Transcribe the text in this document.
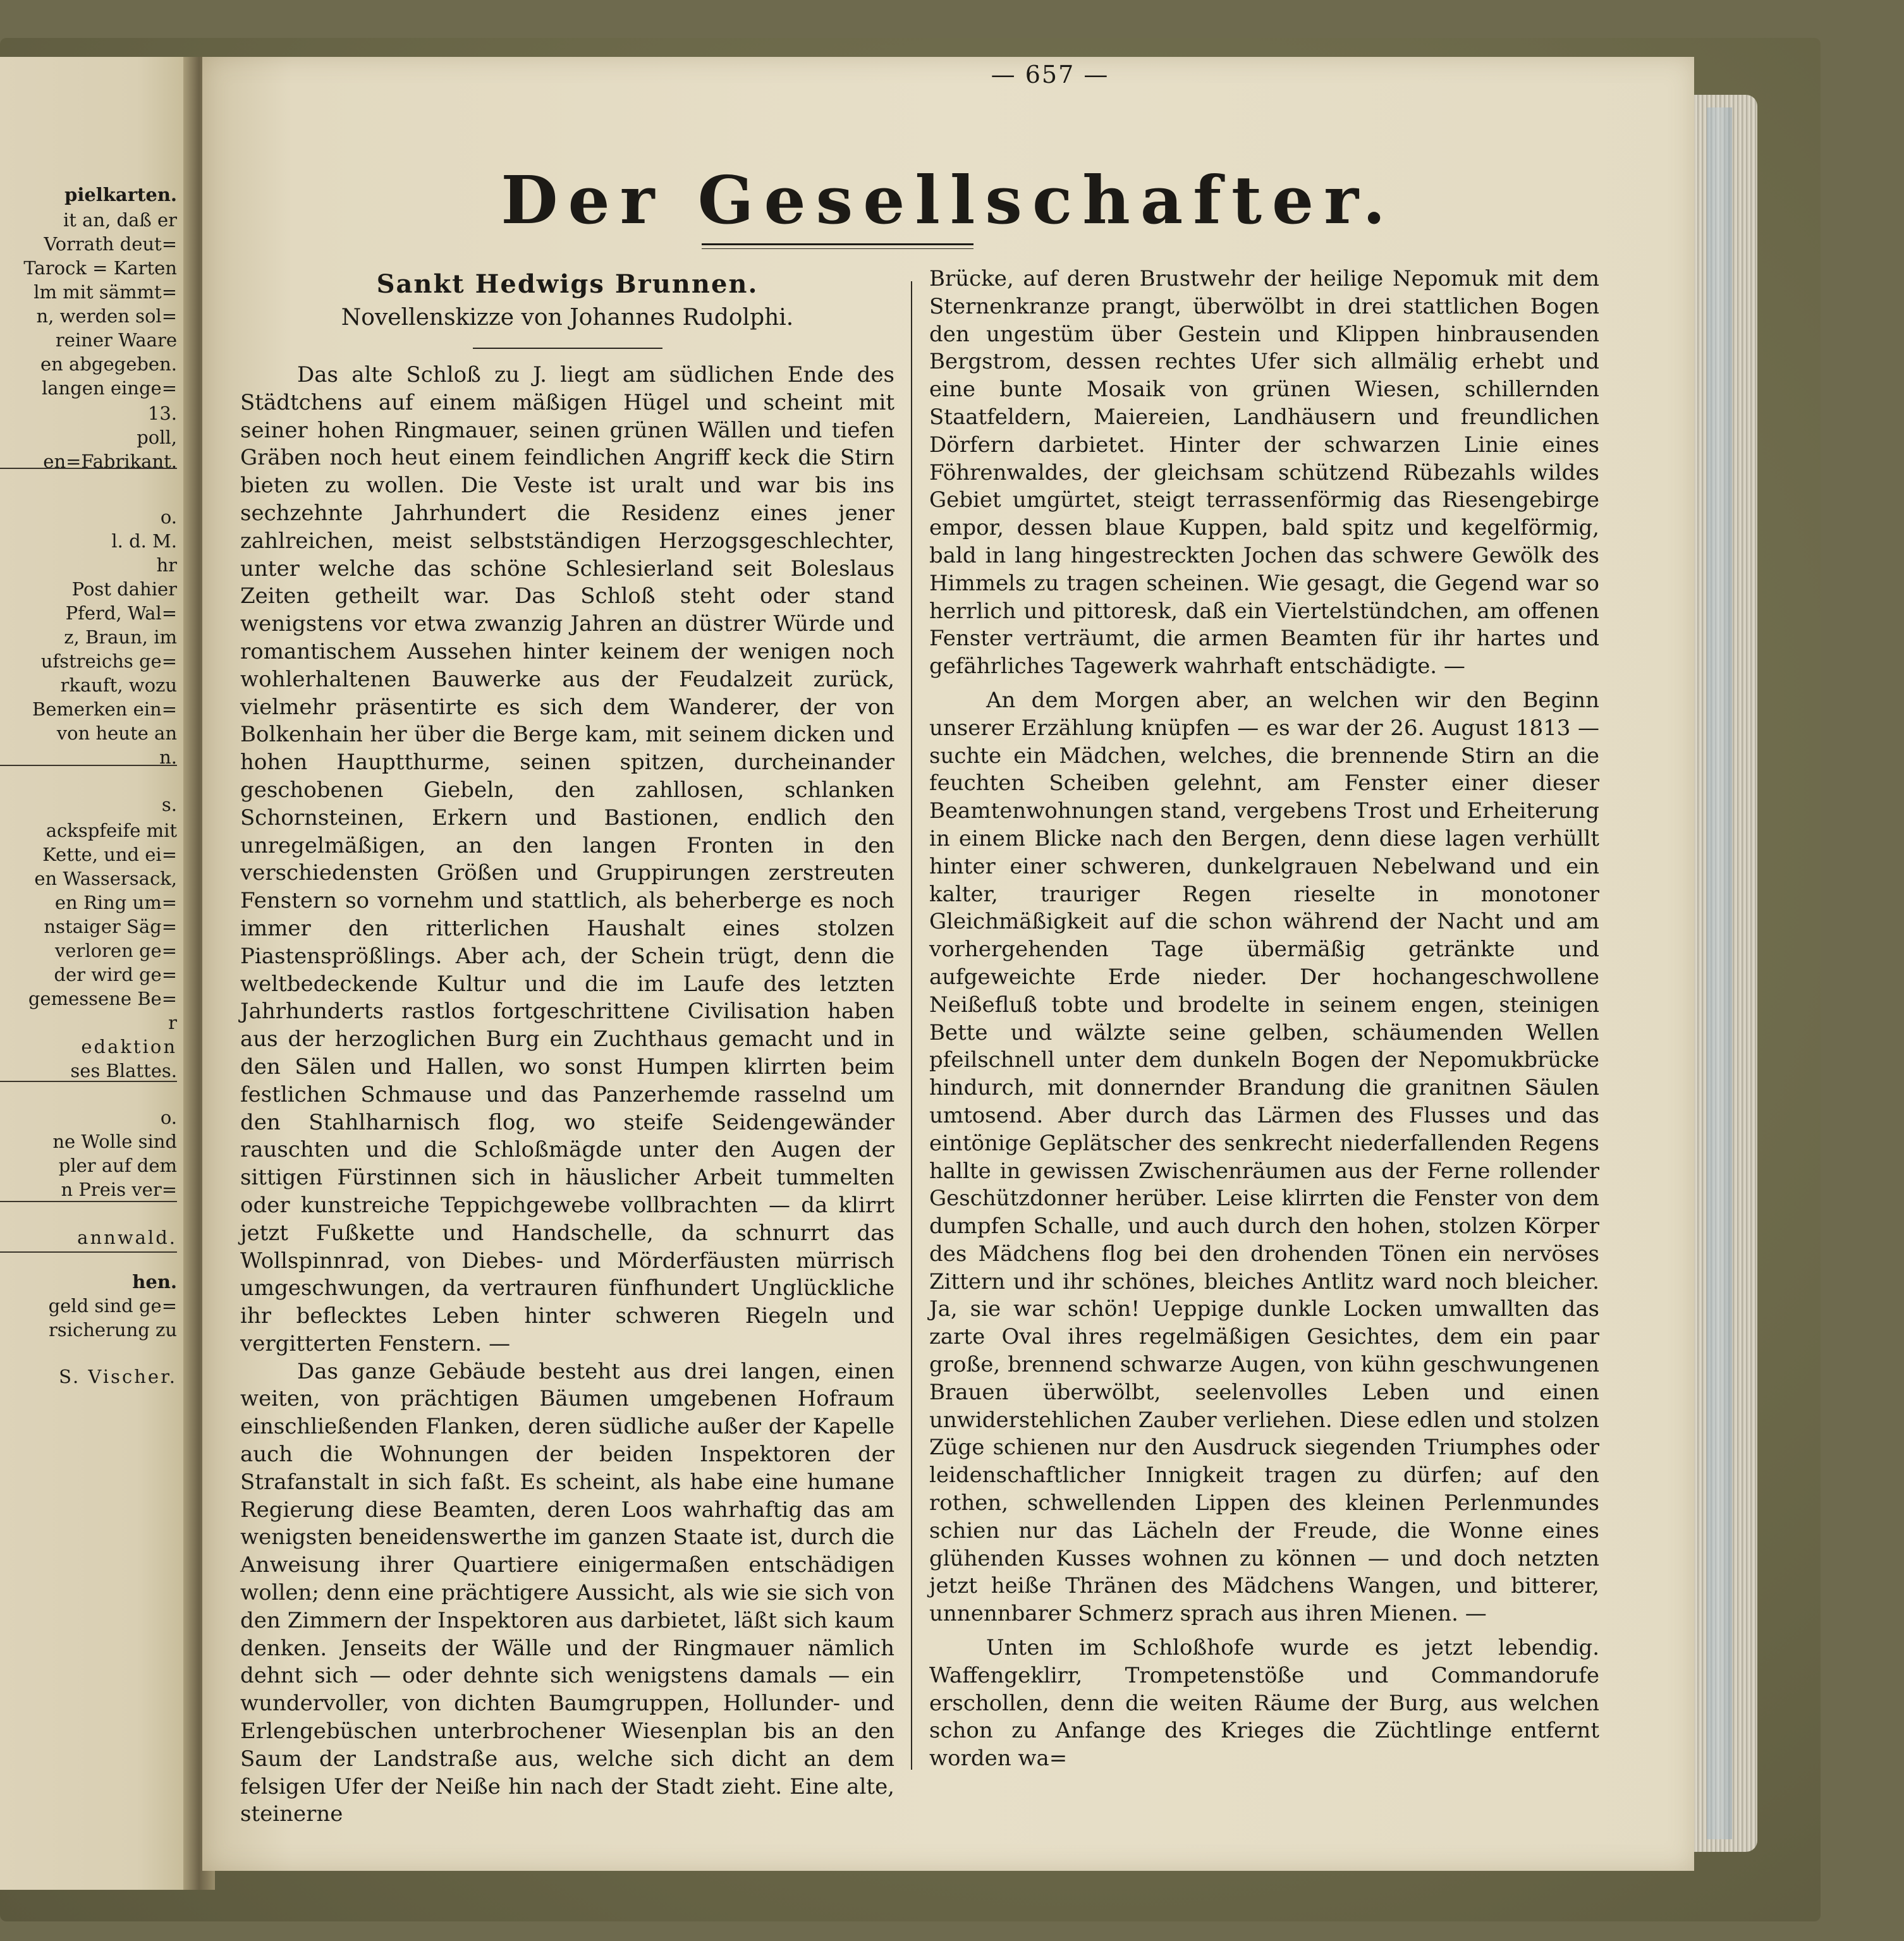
pielkarten.
it an, daß er
Vorrath deut=
Tarock = Karten
lm mit sämmt=
n, werden sol=
reiner Waare
en abgegeben.
langen einge=
13.
poll,
en=Fabrikant.
o.
l. d. M.
hr
Post dahier
Pferd, Wal=
z, Braun, im
ufstreichs ge=
rkauft, wozu
Bemerken ein=
von heute an
n.
s.
ackspfeife mit
Kette, und ei=
en Wassersack,
en Ring um=
nstaiger Säg=
verloren ge=
der wird ge=
gemessene Be=
r
edaktion
ses Blattes.
o.
ne Wolle sind
pler auf dem
n Preis ver=
annwald.
hen.
geld sind ge=
rsicherung zu
S. Vischer.
— 657 —
Der Gesellschafter.
Sankt Hedwigs Brunnen.
Novellenskizze von Johannes Rudolphi.

Das alte Schloß zu J. liegt am südlichen Ende des Städtchens auf einem mäßigen Hügel und scheint mit seiner hohen Ringmauer, seinen grünen Wällen und tiefen Gräben noch heut einem feindlichen Angriff keck die Stirn bieten zu wollen. Die Veste ist uralt und war bis ins sechzehnte Jahrhundert die Residenz eines jener zahlreichen, meist selbstständigen Herzogsgeschlechter, unter welche das schöne Schlesierland seit Boleslaus Zeiten getheilt war. Das Schloß steht oder stand wenigstens vor etwa zwanzig Jahren an düstrer Würde und romantischem Aussehen hinter keinem der wenigen noch wohlerhaltenen Bauwerke aus der Feudalzeit zurück, vielmehr präsentirte es sich dem Wanderer, der von Bolkenhain her über die Berge kam, mit seinem dicken und hohen Hauptthurme, seinen spitzen, durcheinander geschobenen Giebeln, den zahllosen, schlanken Schornsteinen, Erkern und Bastionen, endlich den unregelmäßigen, an den langen Fronten in den verschiedensten Größen und Gruppirungen zerstreuten Fenstern so vornehm und stattlich, als beherberge es noch immer den ritterlichen Haushalt eines stolzen Piastensprößlings. Aber ach, der Schein trügt, denn die weltbedeckende Kultur und die im Laufe des letzten Jahrhunderts rastlos fortgeschrittene Civilisation haben aus der herzoglichen Burg ein Zuchthaus gemacht und in den Sälen und Hallen, wo sonst Humpen klirrten beim festlichen Schmause und das Panzerhemde rasselnd um den Stahlharnisch flog, wo steife Seidengewänder rauschten und die Schloßmägde unter den Augen der sittigen Fürstinnen sich in häuslicher Arbeit tummelten oder kunstreiche Teppichgewebe vollbrachten — da klirrt jetzt Fußkette und Handschelle, da schnurrt das Wollspinnrad, von Diebes- und Mörderfäusten mürrisch umgeschwungen, da vertrauren fünfhundert Unglückliche ihr beflecktes Leben hinter schweren Riegeln und vergitterten Fenstern. —

Das ganze Gebäude besteht aus drei langen, einen weiten, von prächtigen Bäumen umgebenen Hofraum einschließenden Flanken, deren südliche außer der Kapelle auch die Wohnungen der beiden Inspektoren der Strafanstalt in sich faßt. Es scheint, als habe eine humane Regierung diese Beamten, deren Loos wahrhaftig das am wenigsten beneidenswerthe im ganzen Staate ist, durch die Anweisung ihrer Quartiere einigermaßen entschädigen wollen; denn eine prächtigere Aussicht, als wie sie sich von den Zimmern der Inspektoren aus darbietet, läßt sich kaum denken. Jenseits der Wälle und der Ringmauer nämlich dehnt sich — oder dehnte sich wenigstens damals — ein wundervoller, von dichten Baumgruppen, Hollunder- und Erlengebüschen unterbrochener Wiesenplan bis an den Saum der Landstraße aus, welche sich dicht an dem felsigen Ufer der Neiße hin nach der Stadt zieht. Eine alte, steinerne

Brücke, auf deren Brustwehr der heilige Nepomuk mit dem Sternenkranze prangt, überwölbt in drei stattlichen Bogen den ungestüm über Gestein und Klippen hinbrausenden Bergstrom, dessen rechtes Ufer sich allmälig erhebt und eine bunte Mosaik von grünen Wiesen, schillernden Staatfeldern, Maiereien, Landhäusern und freundlichen Dörfern darbietet. Hinter der schwarzen Linie eines Föhrenwaldes, der gleichsam schützend Rübezahls wildes Gebiet umgürtet, steigt terrassenförmig das Riesengebirge empor, dessen blaue Kuppen, bald spitz und kegelförmig, bald in lang hingestreckten Jochen das schwere Gewölk des Himmels zu tragen scheinen. Wie gesagt, die Gegend war so herrlich und pittoresk, daß ein Viertelstündchen, am offenen Fenster verträumt, die armen Beamten für ihr hartes und gefährliches Tagewerk wahrhaft entschädigte. —

An dem Morgen aber, an welchen wir den Beginn unserer Erzählung knüpfen — es war der 26. August 1813 — suchte ein Mädchen, welches, die brennende Stirn an die feuchten Scheiben gelehnt, am Fenster einer dieser Beamtenwohnungen stand, vergebens Trost und Erheiterung in einem Blicke nach den Bergen, denn diese lagen verhüllt hinter einer schweren, dunkelgrauen Nebelwand und ein kalter, trauriger Regen rieselte in monotoner Gleichmäßigkeit auf die schon während der Nacht und am vorhergehenden Tage übermäßig getränkte und aufgeweichte Erde nieder. Der hochangeschwollene Neißefluß tobte und brodelte in seinem engen, steinigen Bette und wälzte seine gelben, schäumenden Wellen pfeilschnell unter dem dunkeln Bogen der Nepomukbrücke hindurch, mit donnernder Brandung die granitnen Säulen umtosend. Aber durch das Lärmen des Flusses und das eintönige Geplätscher des senkrecht niederfallenden Regens hallte in gewissen Zwischenräumen aus der Ferne rollender Geschützdonner herüber. Leise klirrten die Fenster von dem dumpfen Schalle, und auch durch den hohen, stolzen Körper des Mädchens flog bei den drohenden Tönen ein nervöses Zittern und ihr schönes, bleiches Antlitz ward noch bleicher. Ja, sie war schön! Ueppige dunkle Locken umwallten das zarte Oval ihres regelmäßigen Gesichtes, dem ein paar große, brennend schwarze Augen, von kühn geschwungenen Brauen überwölbt, seelenvolles Leben und einen unwiderstehlichen Zauber verliehen. Diese edlen und stolzen Züge schienen nur den Ausdruck siegenden Triumphes oder leidenschaftlicher Innigkeit tragen zu dürfen; auf den rothen, schwellenden Lippen des kleinen Perlenmundes schien nur das Lächeln der Freude, die Wonne eines glühenden Kusses wohnen zu können — und doch netzten jetzt heiße Thränen des Mädchens Wangen, und bitterer, unnennbarer Schmerz sprach aus ihren Mienen. —

Unten im Schloßhofe wurde es jetzt lebendig. Waffengeklirr, Trompetenstöße und Commandorufe erschollen, denn die weiten Räume der Burg, aus welchen schon zu Anfange des Krieges die Züchtlinge entfernt worden wa=
